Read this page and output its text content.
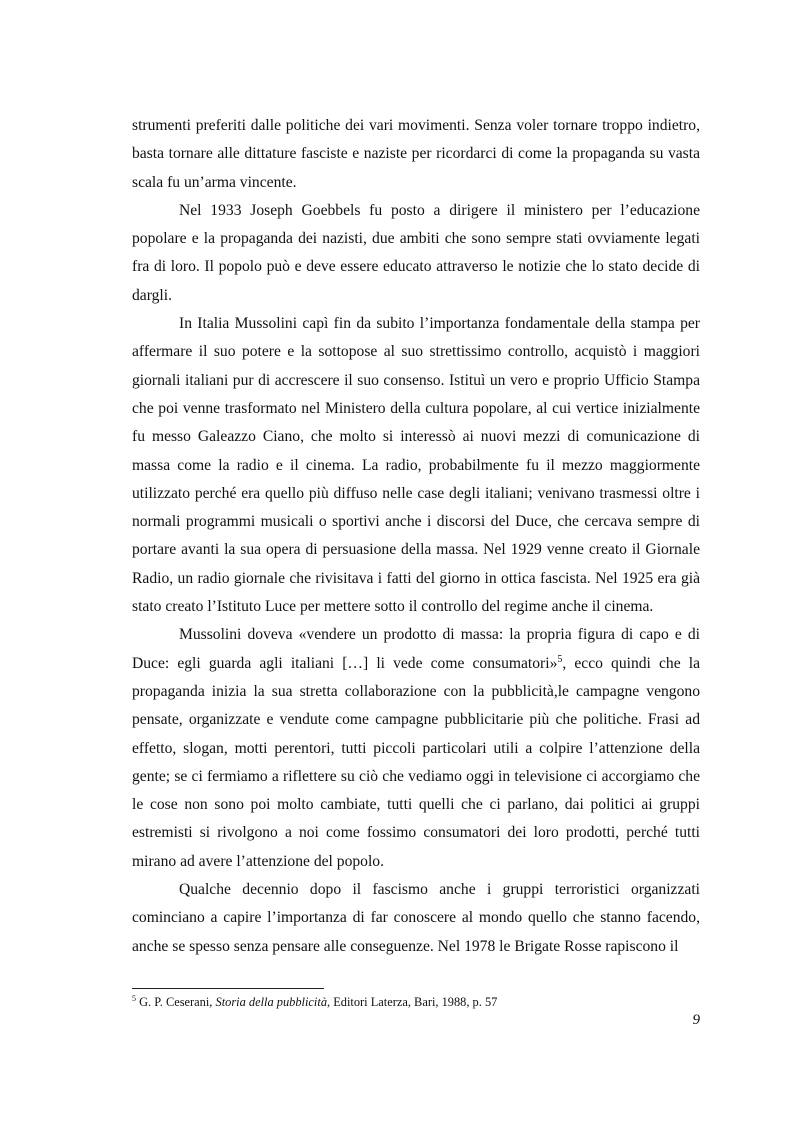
strumenti preferiti dalle politiche dei vari movimenti. Senza voler tornare troppo indietro, basta tornare alle dittature fasciste e naziste per ricordarci di come la propaganda su vasta scala fu un’arma vincente.

Nel 1933 Joseph Goebbels fu posto a dirigere il ministero per l’educazione popolare e la propaganda dei nazisti, due ambiti che sono sempre stati ovviamente legati fra di loro. Il popolo può e deve essere educato attraverso le notizie che lo stato decide di dargli.

In Italia Mussolini capì fin da subito l’importanza fondamentale della stampa per affermare il suo potere e la sottopose al suo strettissimo controllo, acquistò i maggiori giornali italiani pur di accrescere il suo consenso. Istituì un vero e proprio Ufficio Stampa che poi venne trasformato nel Ministero della cultura popolare, al cui vertice inizialmente fu messo Galeazzo Ciano, che molto si interessò ai nuovi mezzi di comunicazione di massa come la radio e il cinema. La radio, probabilmente fu il mezzo maggiormente utilizzato perché era quello più diffuso nelle case degli italiani; venivano trasmessi oltre i normali programmi musicali o sportivi anche i discorsi del Duce, che cercava sempre di portare avanti la sua opera di persuasione della massa. Nel 1929 venne creato il Giornale Radio, un radio giornale che rivisitava i fatti del giorno in ottica fascista. Nel 1925 era già stato creato l’Istituto Luce per mettere sotto il controllo del regime anche il cinema.

Mussolini doveva «vendere un prodotto di massa: la propria figura di capo e di Duce: egli guarda agli italiani […] li vede come consumatori»$^5$, ecco quindi che la propaganda inizia la sua stretta collaborazione con la pubblicità,le campagne vengono pensate, organizzate e vendute come campagne pubblicitarie più che politiche. Frasi ad effetto, slogan, motti perentori, tutti piccoli particolari utili a colpire l’attenzione della gente; se ci fermiamo a riflettere su ciò che vediamo oggi in televisione ci accorgiamo che le cose non sono poi molto cambiate, tutti quelli che ci parlano, dai politici ai gruppi estremisti si rivolgono a noi come fossimo consumatori dei loro prodotti, perché tutti mirano ad avere l’attenzione del popolo.

Qualche decennio dopo il fascismo anche i gruppi terroristici organizzati cominciano a capire l’importanza di far conoscere al mondo quello che stanno facendo, anche se spesso senza pensare alle conseguenze. Nel 1978 le Brigate Rosse rapiscono il

$^5$ G. P. Ceserani, Storia della pubblicità, Editori Laterza, Bari, 1988, p. 57
9
